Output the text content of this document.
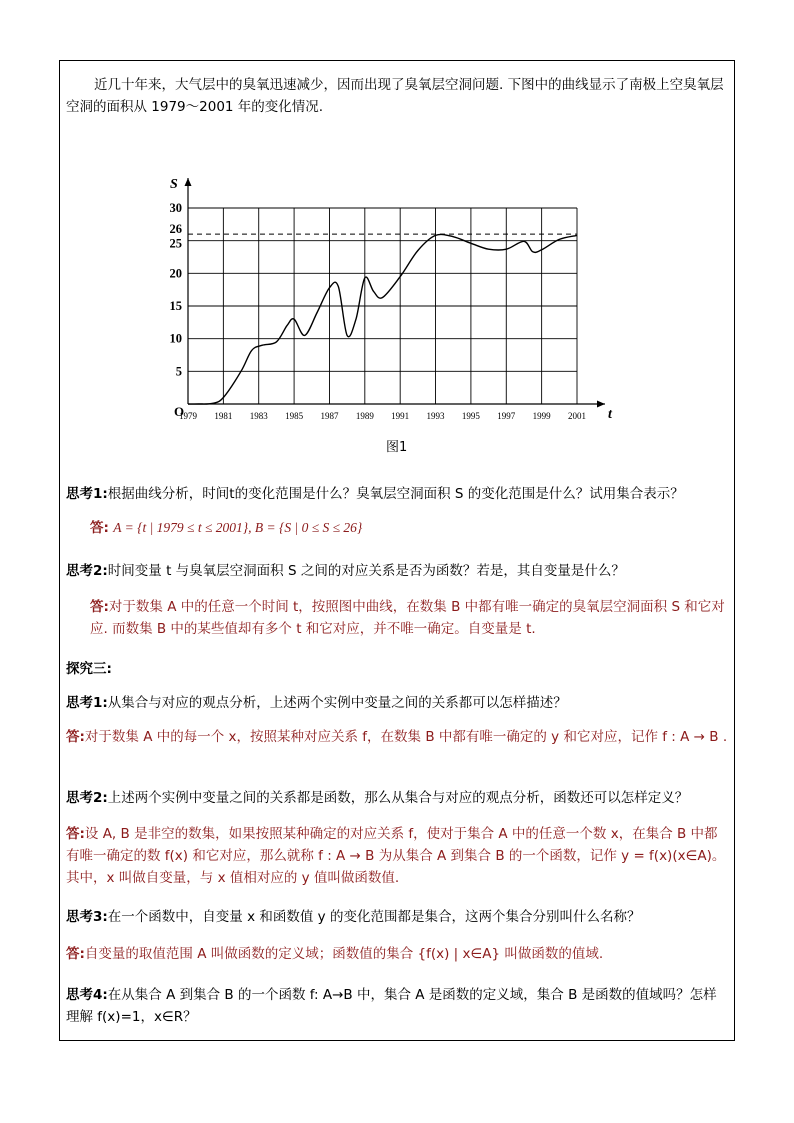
近几十年来，大气层中的臭氧迅速减少，因而出现了臭氧层空洞问题. 下图中的曲线显示了南极上空臭氧层空洞的面积从 1979～2001 年的变化情况.

1979 1981 1983 1985 1987 1989 1991 1993 1995 1997 1999 2001
5
10
15
20
25
26
30
t
S
O
图1

思考1:根据曲线分析，时间t的变化范围是什么？臭氧层空洞面积 S 的变化范围是什么？试用集合表示？

答: A = {t | 1979 ≤ t ≤ 2001}, B = {S | 0 ≤ S ≤ 26}

思考2:时间变量 t 与臭氧层空洞面积 S 之间的对应关系是否为函数？若是，其自变量是什么？

答:对于数集 A 中的任意一个时间 t，按照图中曲线，在数集 B 中都有唯一确定的臭氧层空洞面积 S 和它对应. 而数集 B 中的某些值却有多个 t 和它对应，并不唯一确定。自变量是 t.

探究三:

思考1:从集合与对应的观点分析，上述两个实例中变量之间的关系都可以怎样描述？

答:对于数集 A 中的每一个 x，按照某种对应关系 f，在数集 B 中都有唯一确定的 y 和它对应，记作 f : A → B .

思考2:上述两个实例中变量之间的关系都是函数，那么从集合与对应的观点分析，函数还可以怎样定义？

答:设 A, B 是非空的数集，如果按照某种确定的对应关系 f，使对于集合 A 中的任意一个数 x，在集合 B 中都有唯一确定的数 f(x) 和它对应，那么就称 f : A → B 为从集合 A 到集合 B 的一个函数，记作 y = f(x)(x∈A)。其中，x 叫做自变量，与 x 值相对应的 y 值叫做函数值.

思考3:在一个函数中，自变量 x 和函数值 y 的变化范围都是集合，这两个集合分别叫什么名称？

答:自变量的取值范围 A 叫做函数的定义域；函数值的集合 {f(x) | x∈A} 叫做函数的值域.

思考4:在从集合 A 到集合 B 的一个函数 f: A→B 中，集合 A 是函数的定义域，集合 B 是函数的值域吗？怎样理解 f(x)=1，x∈R？
